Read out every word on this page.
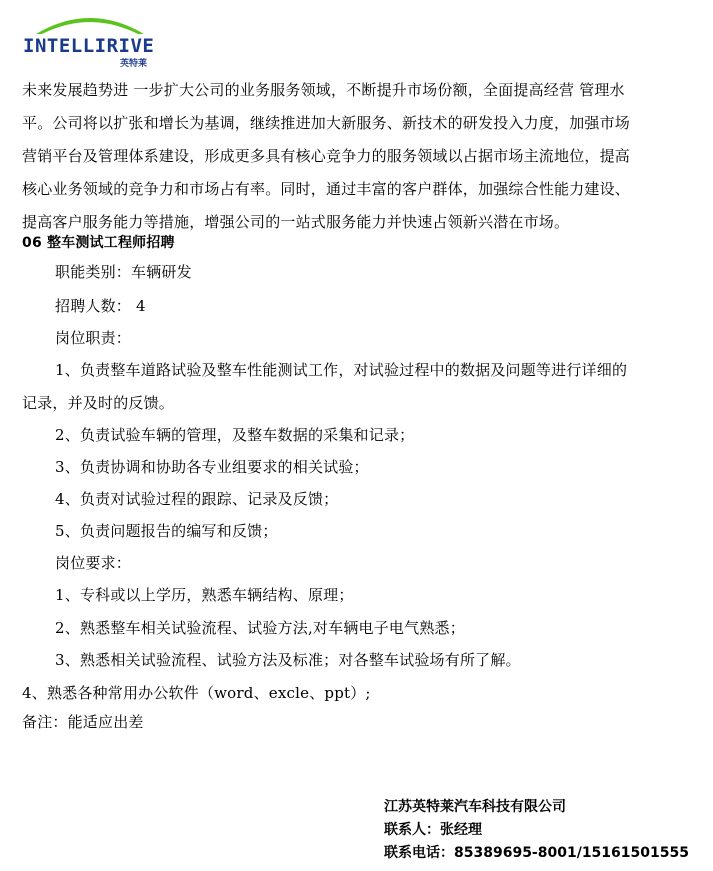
INTELLIRIVE
英特莱
未来发展趋势进 一步扩大公司的业务服务领域，不断提升市场份额，全面提高经营 管理水
平。公司将以扩张和增长为基调，继续推进加大新服务、新技术的研发投入力度，加强市场
营销平台及管理体系建设，形成更多具有核心竞争力的服务领域以占据市场主流地位，提高
核心业务领域的竞争力和市场占有率。同时，通过丰富的客户群体，加强综合性能力建设、
提高客户服务能力等措施，增强公司的一站式服务能力并快速占领新兴潜在市场。
06 整车测试工程师招聘
职能类别：车辆研发
招聘人数： 4
岗位职责：
1、负责整车道路试验及整车性能测试工作，对试验过程中的数据及问题等进行详细的
记录，并及时的反馈。
2、负责试验车辆的管理，及整车数据的采集和记录；
3、负责协调和协助各专业组要求的相关试验；
4、负责对试验过程的跟踪、记录及反馈；
5、负责问题报告的编写和反馈；
岗位要求：
1、专科或以上学历，熟悉车辆结构、原理；
2、熟悉整车相关试验流程、试验方法,对车辆电子电气熟悉；
3、熟悉相关试验流程、试验方法及标准；对各整车试验场有所了解。
4、熟悉各种常用办公软件（word、excle、ppt）;
备注：能适应出差
江苏英特莱汽车科技有限公司
联系人：张经理
联系电话：85389695-8001/15161501555
